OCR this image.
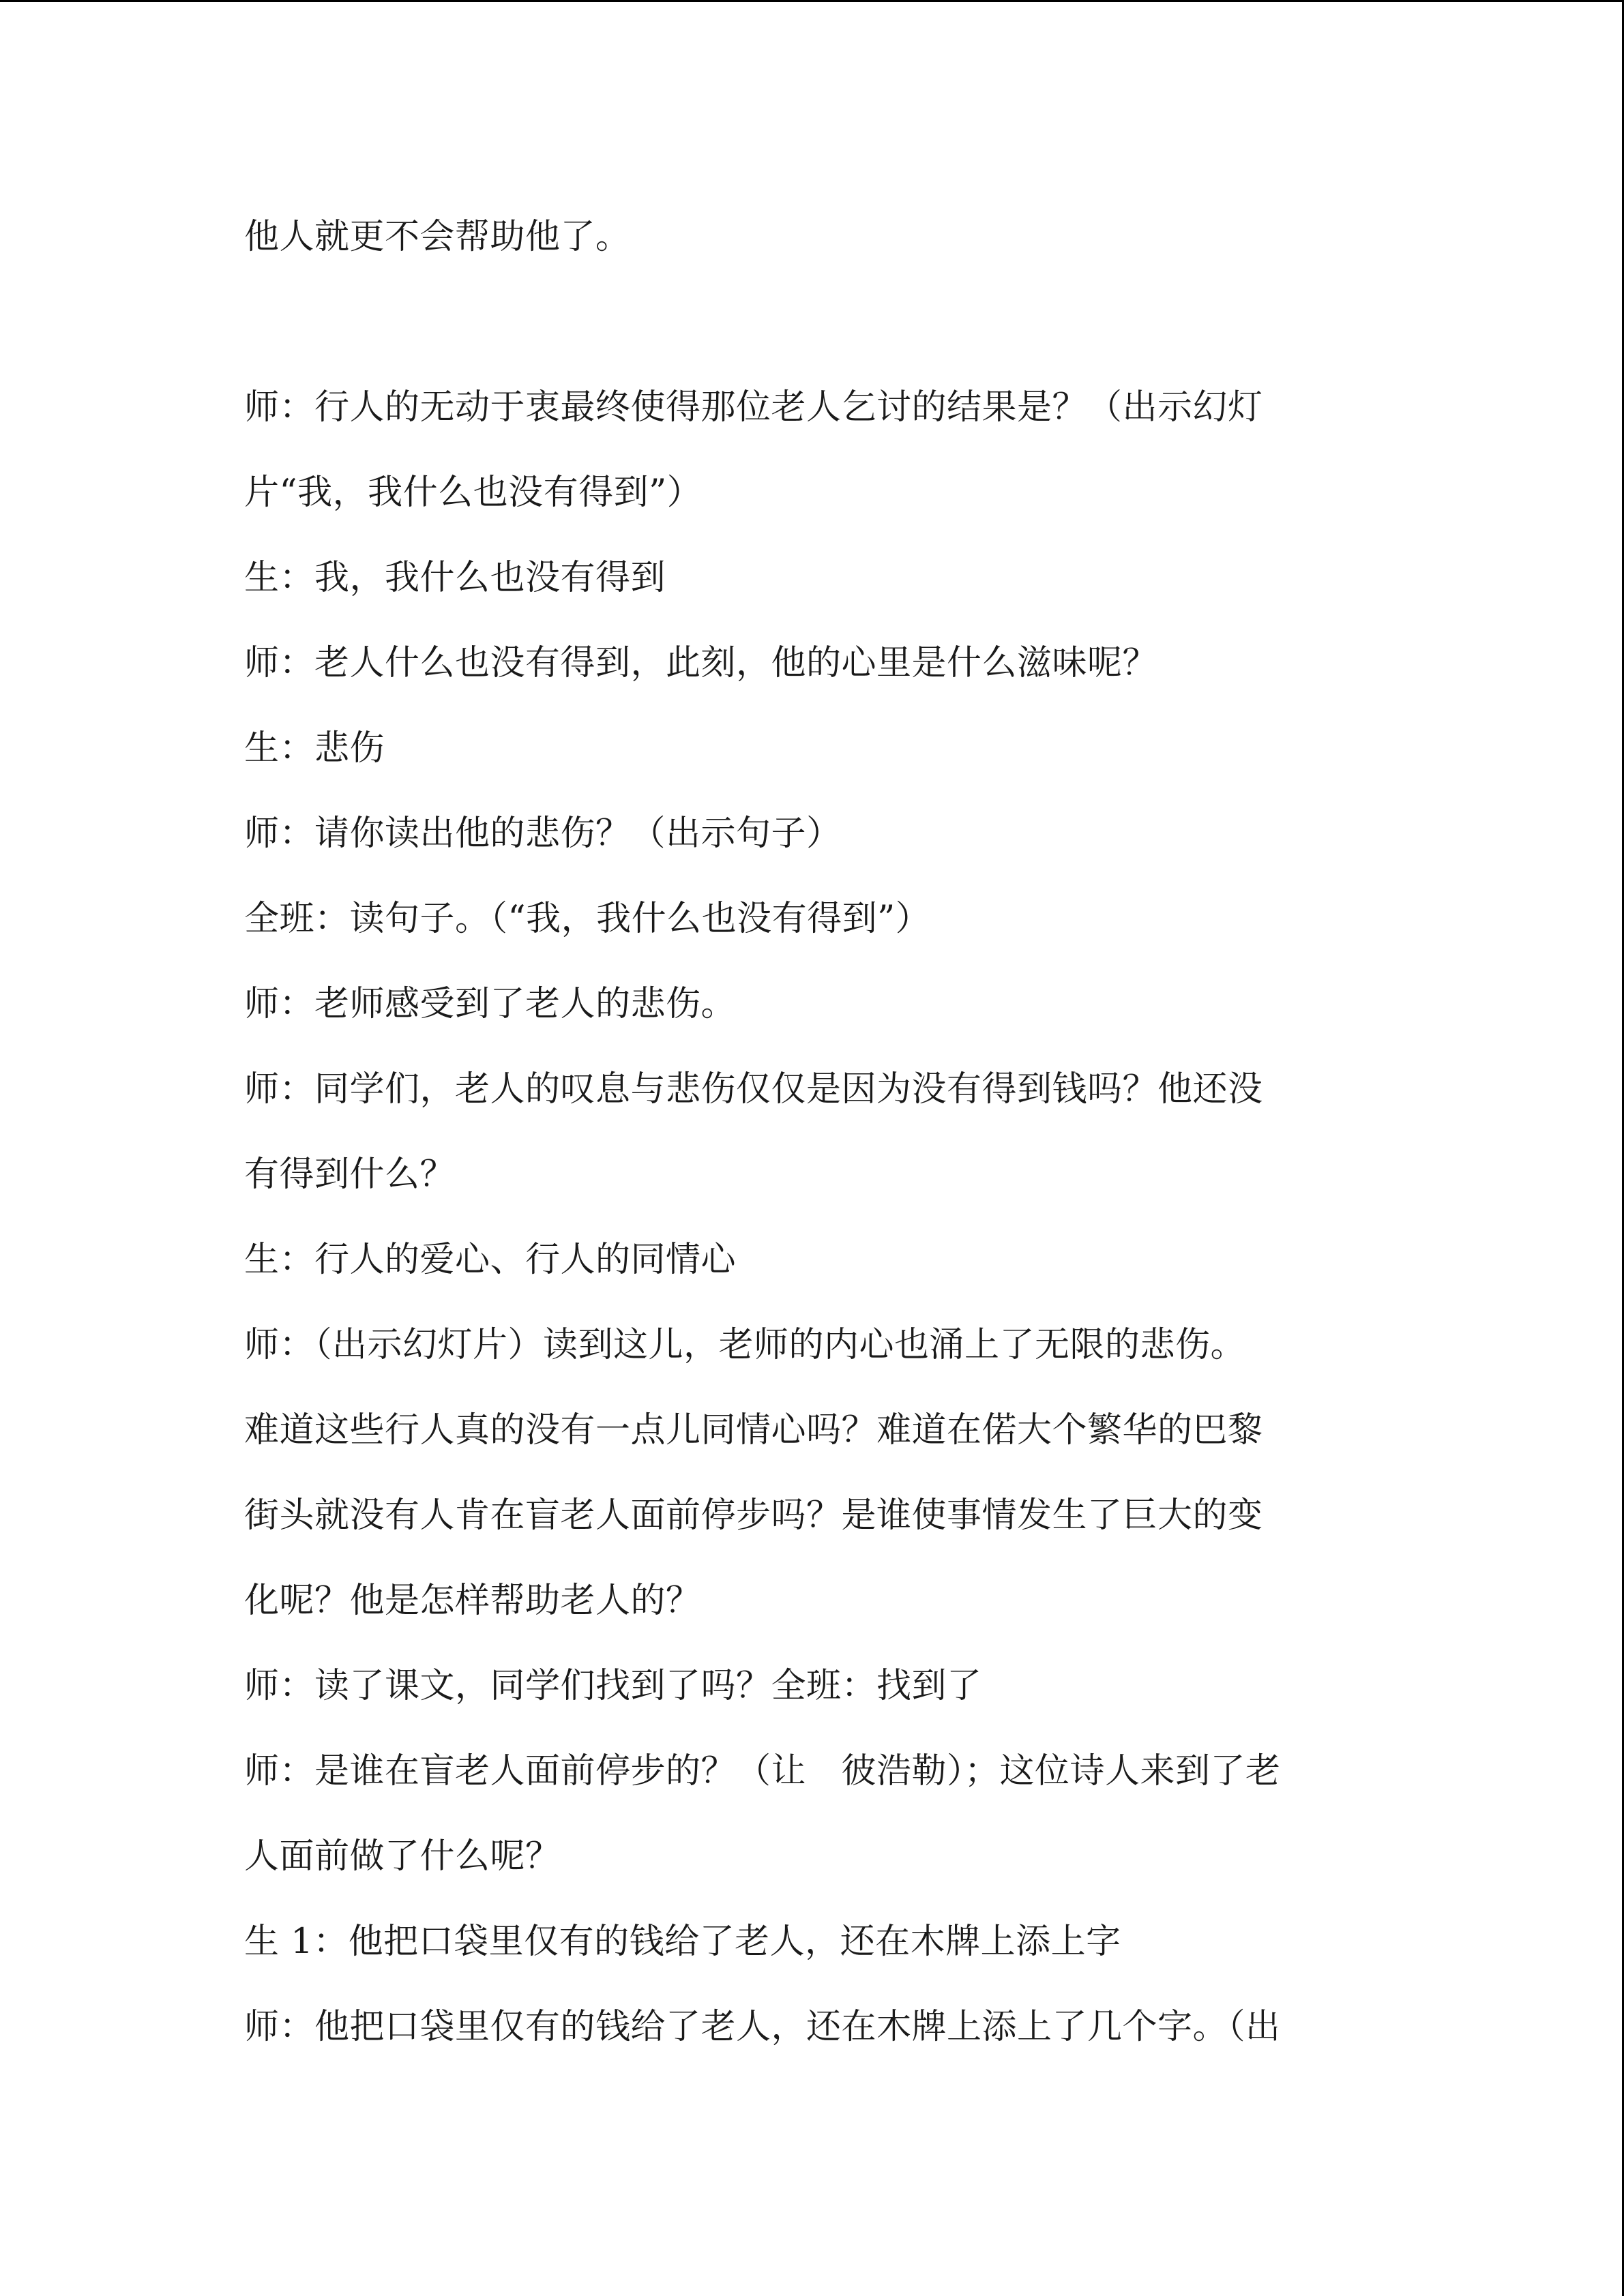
他人就更不会帮助他了。
师：行人的无动于衷最终使得那位老人乞讨的结果是？（出示幻灯
片“我，我什么也没有得到”）
生：我，我什么也没有得到
师：老人什么也没有得到，此刻，他的心里是什么滋味呢？
生：悲伤
师：请你读出他的悲伤？（出示句子）
全班：读句子。（“我，我什么也没有得到”）
师：老师感受到了老人的悲伤。
师：同学们，老人的叹息与悲伤仅仅是因为没有得到钱吗？他还没
有得到什么？
生：行人的爱心、行人的同情心
师：（出示幻灯片）读到这儿，老师的内心也涌上了无限的悲伤。
难道这些行人真的没有一点儿同情心吗？难道在偌大个繁华的巴黎
街头就没有人肯在盲老人面前停步吗？是谁使事情发生了巨大的变
化呢？他是怎样帮助老人的？
师：读了课文，同学们找到了吗？全班：找到了
师：是谁在盲老人面前停步的？（让　彼浩勒）；这位诗人来到了老
人面前做了什么呢？
生 1：他把口袋里仅有的钱给了老人，还在木牌上添上字
师：他把口袋里仅有的钱给了老人，还在木牌上添上了几个字。（出
